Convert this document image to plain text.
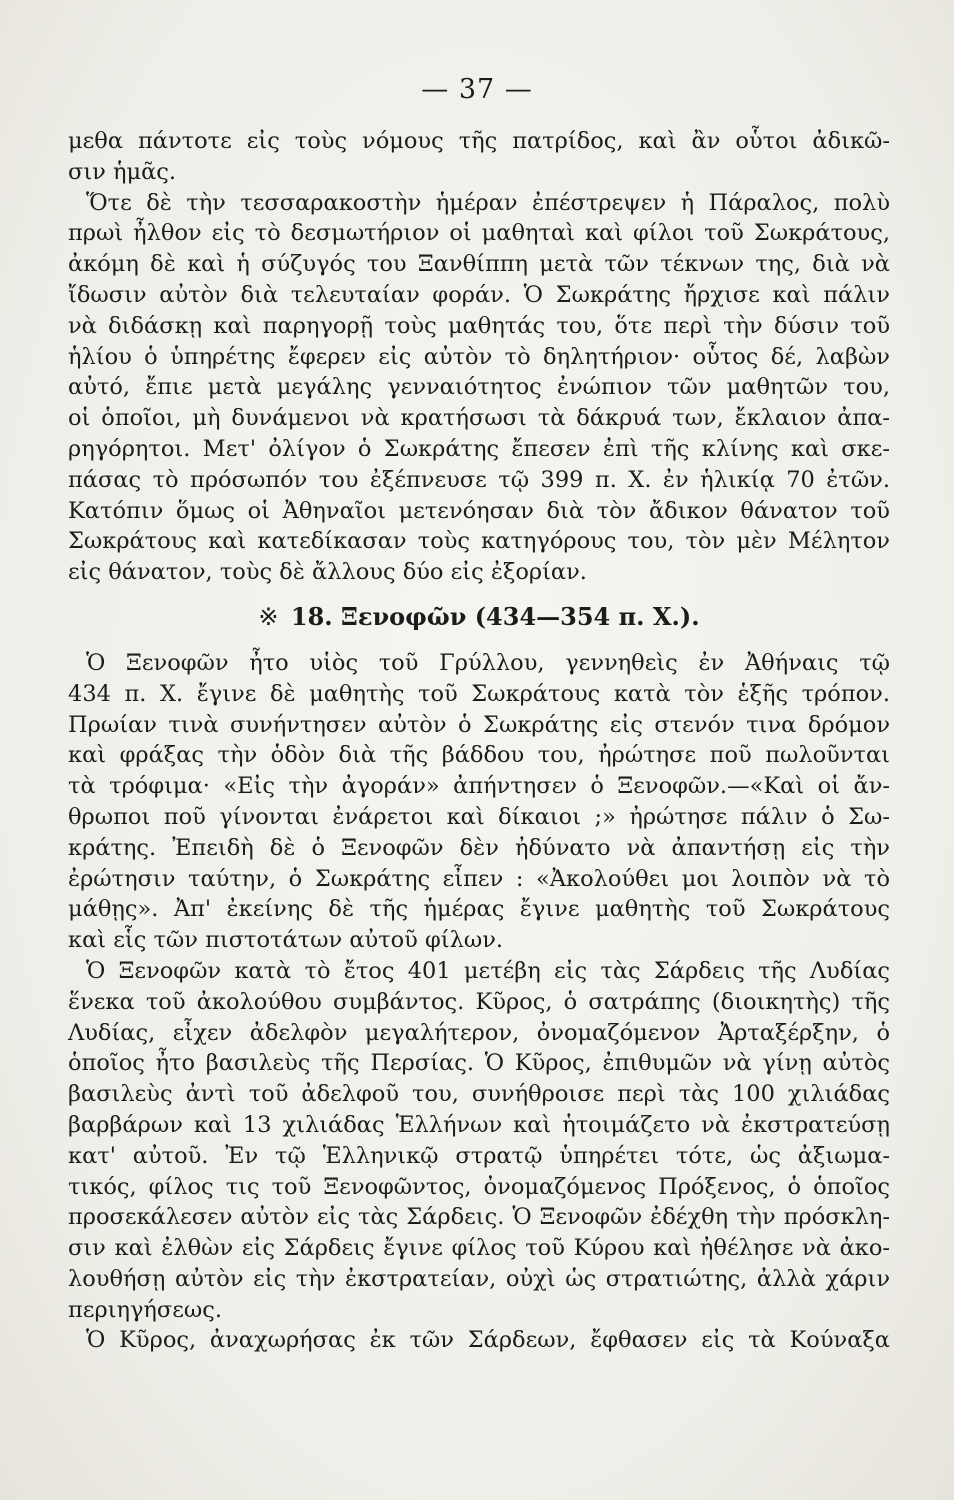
— 37 —
μεθα πάντοτε εἰς τοὺς νόμους τῆς πατρίδος, καὶ ἂν οὗτοι ἀδικῶ-
σιν ἡμᾶς.
Ὅτε δὲ τὴν τεσσαρακοστὴν ἡμέραν ἐπέστρεψεν ἡ Πάραλος, πολὺ
πρωὶ ἦλθον εἰς τὸ δεσμωτήριον οἱ μαθηταὶ καὶ φίλοι τοῦ Σωκράτους,
ἀκόμη δὲ καὶ ἡ σύζυγός του Ξανθίππη μετὰ τῶν τέκνων της, διὰ νὰ
ἴδωσιν αὐτὸν διὰ τελευταίαν φοράν. Ὁ Σωκράτης ἤρχισε καὶ πάλιν
νὰ διδάσκῃ καὶ παρηγορῇ τοὺς μαθητάς του, ὅτε περὶ τὴν δύσιν τοῦ
ἡλίου ὁ ὑπηρέτης ἔφερεν εἰς αὐτὸν τὸ δηλητήριον· οὗτος δέ, λαβὼν
αὐτό, ἔπιε μετὰ μεγάλης γενναιότητος ἐνώπιον τῶν μαθητῶν του,
οἱ ὁποῖοι, μὴ δυνάμενοι νὰ κρατήσωσι τὰ δάκρυά των, ἔκλαιον ἀπα-
ρηγόρητοι. Μετ' ὀλίγον ὁ Σωκράτης ἔπεσεν ἐπὶ τῆς κλίνης καὶ σκε-
πάσας τὸ πρόσωπόν του ἐξέπνευσε τῷ 399 π. Χ. ἐν ἡλικίᾳ 70 ἐτῶν.
Κατόπιν ὅμως οἱ Ἀθηναῖοι μετενόησαν διὰ τὸν ἄδικον θάνατον τοῦ
Σωκράτους καὶ κατεδίκασαν τοὺς κατηγόρους του, τὸν μὲν Μέλητον
εἰς θάνατον, τοὺς δὲ ἄλλους δύο εἰς ἐξορίαν.
※ 18. Ξενοφῶν (434—354 π. Χ.).
Ὁ Ξενοφῶν ἦτο υἱὸς τοῦ Γρύλλου, γεννηθεὶς ἐν Ἀθήναις τῷ
434 π. Χ. ἔγινε δὲ μαθητὴς τοῦ Σωκράτους κατὰ τὸν ἑξῆς τρόπον.
Πρωίαν τινὰ συνήντησεν αὐτὸν ὁ Σωκράτης εἰς στενόν τινα δρόμον
καὶ φράξας τὴν ὁδὸν διὰ τῆς βάδδου του, ἠρώτησε ποῦ πωλοῦνται
τὰ τρόφιμα· «Εἰς τὴν ἀγοράν» ἀπήντησεν ὁ Ξενοφῶν.—«Καὶ οἱ ἄν-
θρωποι ποῦ γίνονται ἐνάρετοι καὶ δίκαιοι ;» ἠρώτησε πάλιν ὁ Σω-
κράτης. Ἐπειδὴ δὲ ὁ Ξενοφῶν δὲν ἠδύνατο νὰ ἀπαντήσῃ εἰς τὴν
ἐρώτησιν ταύτην, ὁ Σωκράτης εἶπεν : «Ἀκολούθει μοι λοιπὸν νὰ τὸ
μάθῃς». Ἀπ' ἐκείνης δὲ τῆς ἡμέρας ἔγινε μαθητὴς τοῦ Σωκράτους
καὶ εἷς τῶν πιστοτάτων αὐτοῦ φίλων.
Ὁ Ξενοφῶν κατὰ τὸ ἔτος 401 μετέβη εἰς τὰς Σάρδεις τῆς Λυδίας
ἕνεκα τοῦ ἀκολούθου συμβάντος. Κῦρος, ὁ σατράπης (διοικητὴς) τῆς
Λυδίας, εἶχεν ἀδελφὸν μεγαλήτερον, ὀνομαζόμενον Ἀρταξέρξην, ὁ
ὁποῖος ἦτο βασιλεὺς τῆς Περσίας. Ὁ Κῦρος, ἐπιθυμῶν νὰ γίνῃ αὐτὸς
βασιλεὺς ἀντὶ τοῦ ἀδελφοῦ του, συνήθροισε περὶ τὰς 100 χιλιάδας
βαρβάρων καὶ 13 χιλιάδας Ἑλλήνων καὶ ἡτοιμάζετο νὰ ἐκστρατεύσῃ
κατ' αὐτοῦ. Ἐν τῷ Ἑλληνικῷ στρατῷ ὑπηρέτει τότε, ὡς ἀξιωμα-
τικός, φίλος τις τοῦ Ξενοφῶντος, ὀνομαζόμενος Πρόξενος, ὁ ὁποῖος
προσεκάλεσεν αὐτὸν εἰς τὰς Σάρδεις. Ὁ Ξενοφῶν ἐδέχθη τὴν πρόσκλη-
σιν καὶ ἐλθὼν εἰς Σάρδεις ἔγινε φίλος τοῦ Κύρου καὶ ἠθέλησε νὰ ἀκο-
λουθήσῃ αὐτὸν εἰς τὴν ἐκστρατείαν, οὐχὶ ὡς στρατιώτης, ἀλλὰ χάριν
περιηγήσεως.
Ὁ Κῦρος, ἀναχωρήσας ἐκ τῶν Σάρδεων, ἔφθασεν εἰς τὰ Κούναξα
